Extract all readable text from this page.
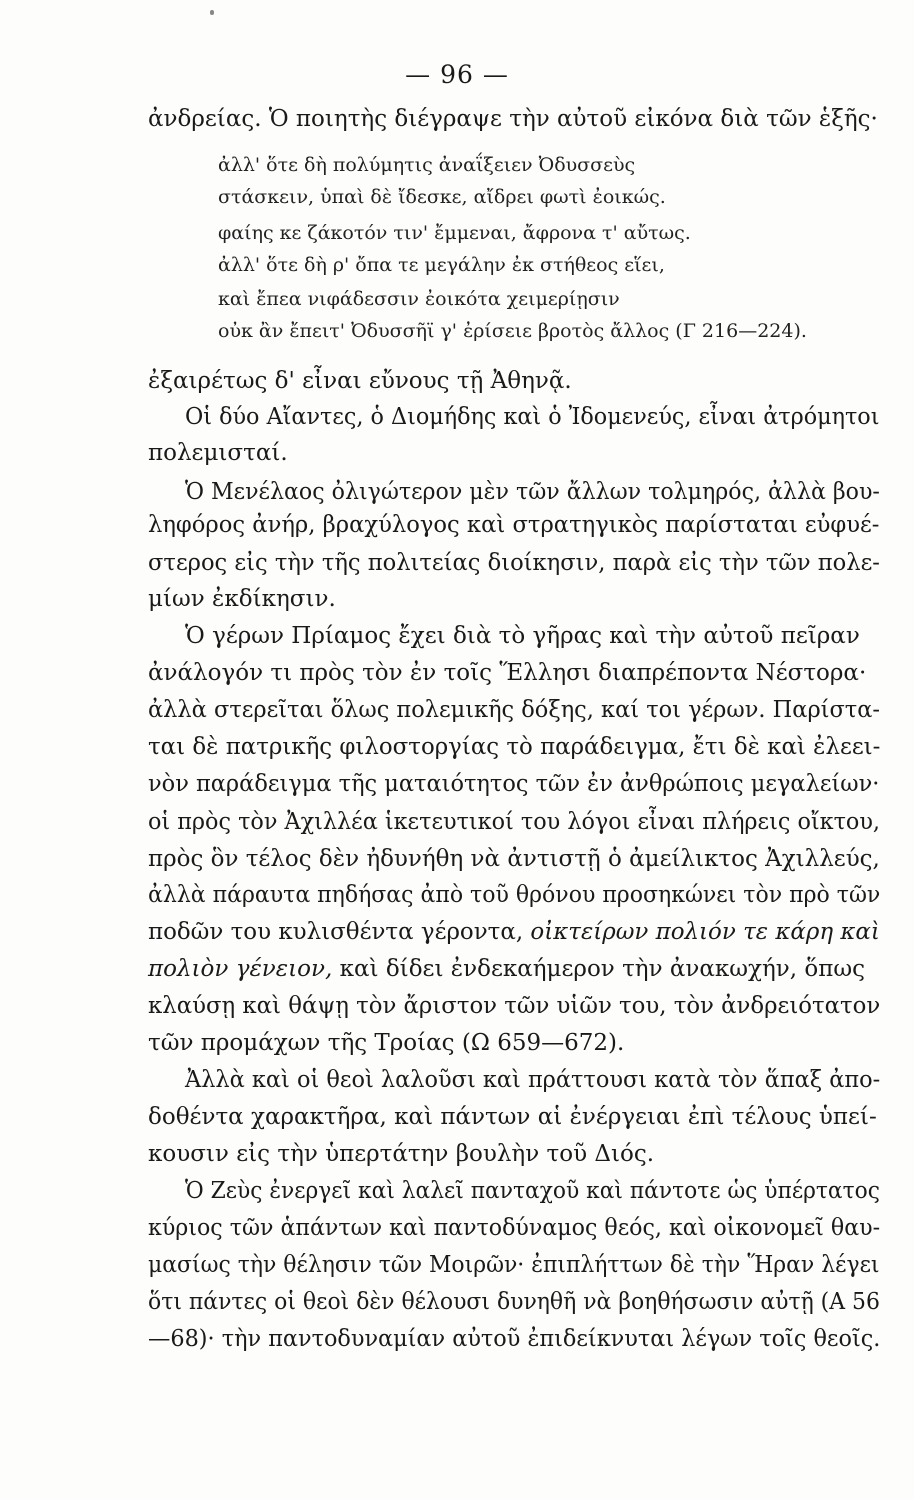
— 96 —
ἀνδρείας. Ὁ ποιητὴς διέγραψε τὴν αὐτοῦ εἰκόνα διὰ τῶν ἑξῆς·
ἀλλ' ὅτε δὴ πολύμητις ἀναΐξειεν Ὀδυσσεὺς
στάσκειν, ὑπαὶ δὲ ἴδεσκε, αἴδρει φωτὶ ἐοικώς.
φαίης κε ζάκοτόν τιν' ἔμμεναι, ἄφρονα τ' αὔτως.
ἀλλ' ὅτε δὴ ρ' ὄπα τε μεγάλην ἐκ στήθεος εἵει,
καὶ ἔπεα νιφάδεσσιν ἐοικότα χειμερίῃσιν
οὐκ ἂν ἔπειτ' Ὀδυσσῆϊ γ' ἐρίσειε βροτὸς ἄλλος (Γ 216—224).
ἐξαιρέτως δ' εἶναι εὔνους τῇ Ἀθηνᾷ.
Οἱ δύο Αἴαντες, ὁ Διομήδης καὶ ὁ Ἰδομενεύς, εἶναι ἀτρόμητοι
πολεμισταί.
Ὁ Μενέλαος ὀλιγώτερον μὲν τῶν ἄλλων τολμηρός, ἀλλὰ βου-
ληφόρος ἀνήρ, βραχύλογος καὶ στρατηγικὸς παρίσταται εὐφυέ-
στερος εἰς τὴν τῆς πολιτείας διοίκησιν, παρὰ εἰς τὴν τῶν πολε-
μίων ἐκδίκησιν.
Ὁ γέρων Πρίαμος ἔχει διὰ τὸ γῆρας καὶ τὴν αὐτοῦ πεῖραν
ἀνάλογόν τι πρὸς τὸν ἐν τοῖς Ἕλλησι διαπρέποντα Νέστορα·
ἀλλὰ στερεῖται ὅλως πολεμικῆς δόξης, καί τοι γέρων. Παρίστα-
ται δὲ πατρικῆς φιλοστοργίας τὸ παράδειγμα, ἔτι δὲ καὶ ἐλεει-
νὸν παράδειγμα τῆς ματαιότητος τῶν ἐν ἀνθρώποις μεγαλείων·
οἱ πρὸς τὸν Ἀχιλλέα ἱκετευτικοί του λόγοι εἶναι πλήρεις οἴκτου,
πρὸς ὃν τέλος δὲν ἠδυνήθη νὰ ἀντιστῇ ὁ ἀμείλικτος Ἀχιλλεύς,
ἀλλὰ πάραυτα πηδήσας ἀπὸ τοῦ θρόνου προσηκώνει τὸν πρὸ τῶν
ποδῶν του κυλισθέντα γέροντα, οἰκτείρων πολιόν τε κάρη καὶ
πολιὸν γένειον, καὶ δίδει ἐνδεκαήμερον τὴν ἀνακωχήν, ὅπως
κλαύσῃ καὶ θάψῃ τὸν ἄριστον τῶν υἱῶν του, τὸν ἀνδρειότατον
τῶν προμάχων τῆς Τροίας (Ω 659—672).
Ἀλλὰ καὶ οἱ θεοὶ λαλοῦσι καὶ πράττουσι κατὰ τὸν ἅπαξ ἀπο-
δοθέντα χαρακτῆρα, καὶ πάντων αἱ ἐνέργειαι ἐπὶ τέλους ὑπεί-
κουσιν εἰς τὴν ὑπερτάτην βουλὴν τοῦ Διός.
Ὁ Ζεὺς ἐνεργεῖ καὶ λαλεῖ πανταχοῦ καὶ πάντοτε ὡς ὑπέρτατος
κύριος τῶν ἁπάντων καὶ παντοδύναμος θεός, καὶ οἰκονομεῖ θαυ-
μασίως τὴν θέλησιν τῶν Μοιρῶν· ἐπιπλήττων δὲ τὴν Ἥραν λέγει
ὅτι πάντες οἱ θεοὶ δὲν θέλουσι δυνηθῆ νὰ βοηθήσωσιν αὐτῇ (Α 56
—68)· τὴν παντοδυναμίαν αὐτοῦ ἐπιδείκνυται λέγων τοῖς θεοῖς.
